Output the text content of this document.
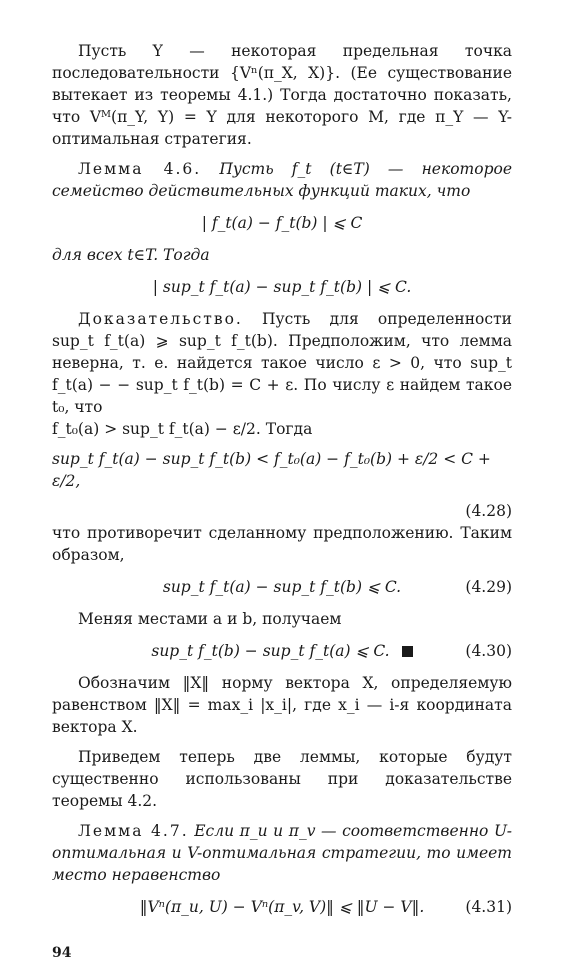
Пусть Y — некоторая предельная точка последовательности {Vⁿ(π_X, X)}. (Ее существование вытекает из теоремы 4.1.) Тогда достаточно показать, что Vᴹ(π_Y, Y) = Y для некоторого M, где π_Y — Y-оптимальная стратегия.

Лемма 4.6. Пусть f_t (t∈T) — некоторое семейство действительных функций таких, что

| f_t(a) − f_t(b) | ⩽ C

для всех t∈T. Тогда

| sup_t f_t(a) − sup_t f_t(b) | ⩽ C.

Доказательство. Пусть для определенности sup_t f_t(a) ⩾ sup_t f_t(b). Предположим, что лемма неверна, т. е. найдется такое число ε > 0, что sup_t f_t(a) − − sup_t f_t(b) = C + ε. По числу ε найдем такое t₀, что

f_t₀(a) > sup_t f_t(a) − ε/2. Тогда

sup_t f_t(a) − sup_t f_t(b) < f_t₀(a) − f_t₀(b) + ε/2 < C + ε/2,

(4.28)

что противоречит сделанному предположению. Таким образом,

sup_t f_t(a) − sup_t f_t(b) ⩽ C.	(4.29)

Меняя местами a и b, получаем

sup_t f_t(b) − sup_t f_t(a) ⩽ C.	(4.30)

Обозначим ‖X‖ норму вектора X, определяемую равенством ‖X‖ = max_i |x_i|, где x_i — i-я координата вектора X.

Приведем теперь две леммы, которые будут существенно использованы при доказательстве теоремы 4.2.

Лемма 4.7. Если π_u и π_v — соответственно U-оптимальная и V-оптимальная стратегии, то имеет место неравенство

‖Vⁿ(π_u, U) − Vⁿ(π_v, V)‖ ⩽ ‖U − V‖.	(4.31)
94
